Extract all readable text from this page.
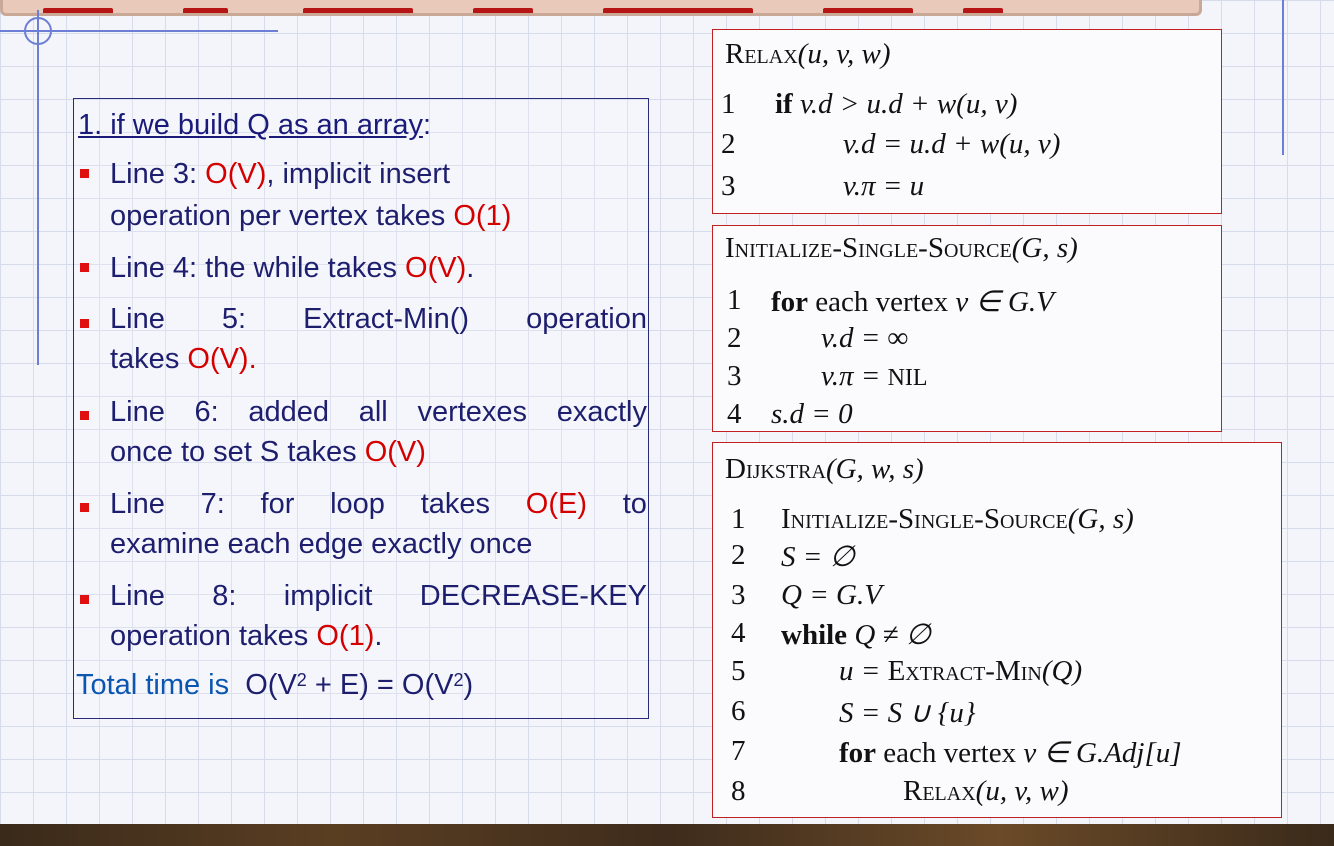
1. if we build Q as an array:
Line 3: O(V), implicit insert
operation per vertex takes O(1)
Line 4: the while takes O(V).
Line 5: Extract-Min() operation
takes O(V).
Line 6: added all vertexes exactly
once to set S takes O(V)
Line 7: for loop takes O(E) to
examine each edge exactly once
Line 8: implicit DECREASE-KEY
operation takes O(1).
Total time is $O(V^2 + E) = O(V^2)$
Relax(u, v, w)
1 if v.d > u.d + w(u, v)
2	v.d = u.d + w(u, v)
3	v.π = u
Initialize-Single-Source(G, s)
1 for each vertex v ∈ G.V
2	v.d = ∞
3	v.π = NIL
4 s.d = 0
Dijkstra(G, w, s)
1 Initialize-Single-Source(G, s)
2 S = ∅
3 Q = G.V
4 while Q ≠ ∅
5	u = Extract-Min(Q)
6	S = S ∪ {u}
7	for each vertex v ∈ G.Adj[u]
8	Relax(u, v, w)
